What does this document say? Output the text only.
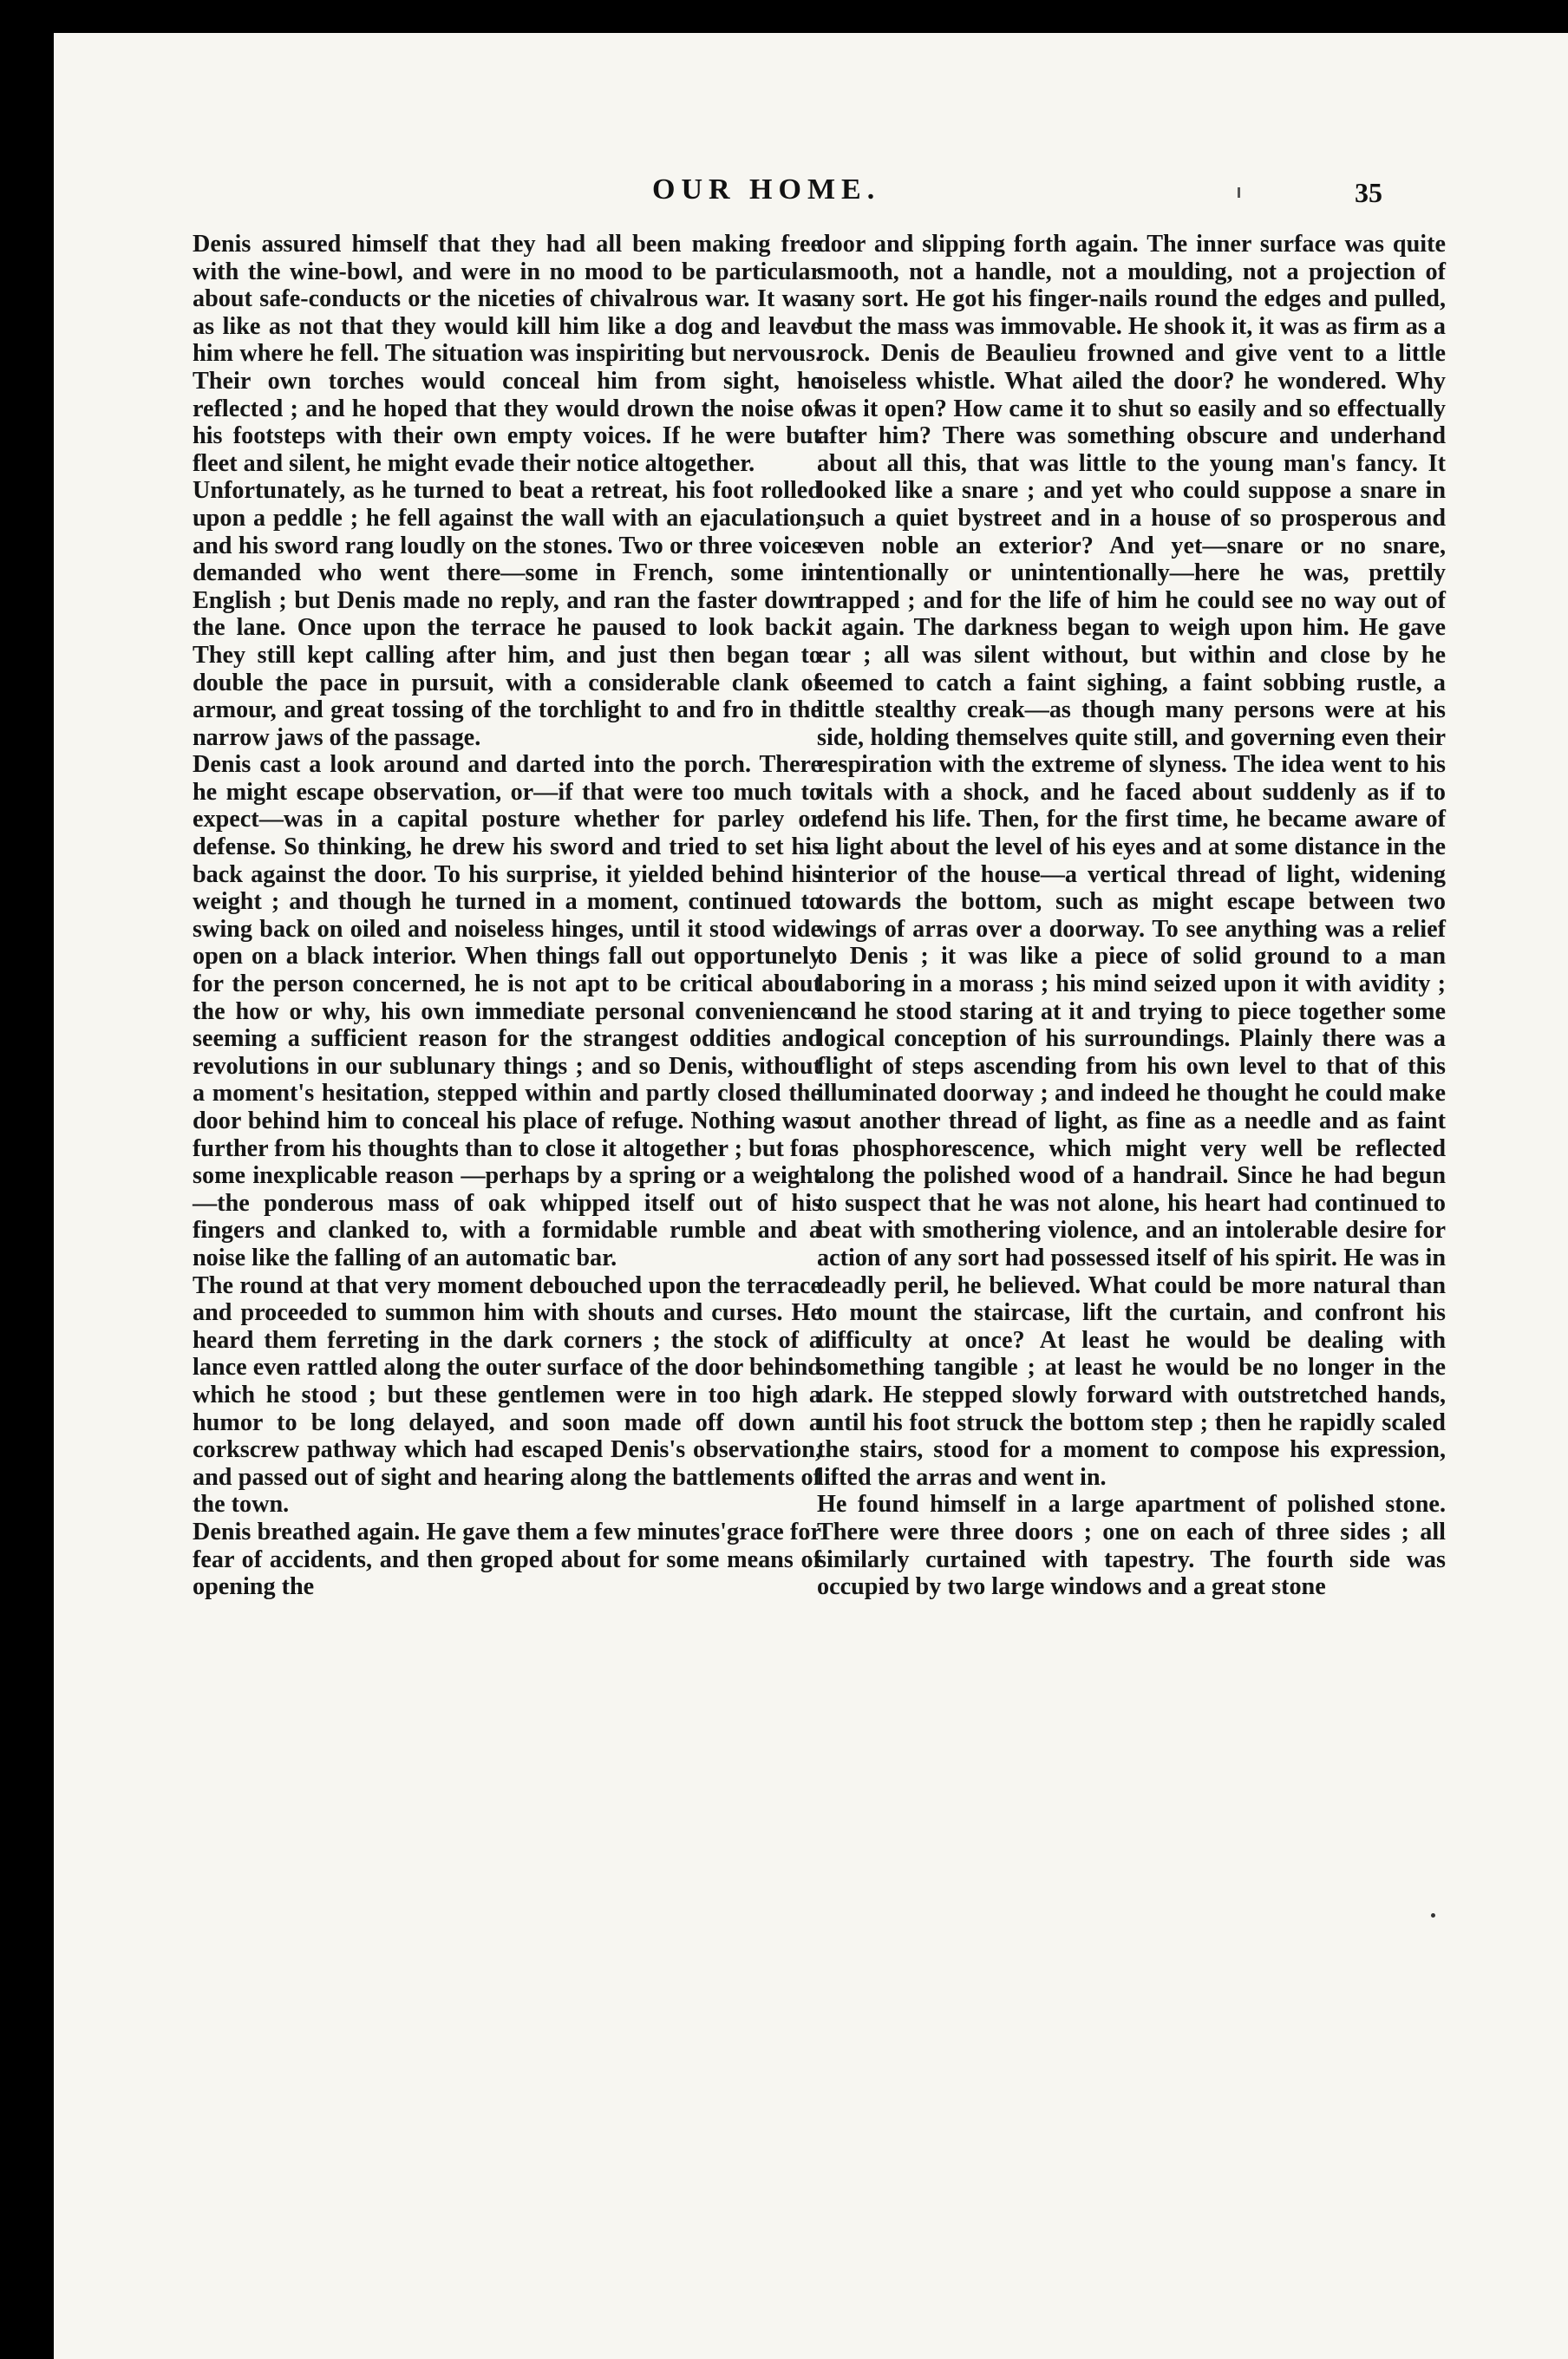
OUR HOME.	35

Denis assured himself that they had all been making free with the wine-bowl, and were in no mood to be particular about safe-conducts or the niceties of chivalrous war. It was as like as not that they would kill him like a dog and leave him where he fell. The situation was inspiriting but nervous. Their own torches would conceal him from sight, he reflected ; and he hoped that they would drown the noise of his footsteps with their own empty voices. If he were but fleet and silent, he might evade their notice altogether.

Unfortunately, as he turned to beat a retreat, his foot rolled upon a peddle ; he fell against the wall with an ejaculation, and his sword rang loudly on the stones. Two or three voices demanded who went there—some in French, some in English ; but Denis made no reply, and ran the faster down the lane. Once upon the terrace he paused to look back. They still kept calling after him, and just then began to double the pace in pursuit, with a considerable clank of armour, and great tossing of the torchlight to and fro in the narrow jaws of the passage.

Denis cast a look around and darted into the porch. There he might escape observation, or—if that were too much to expect—was in a capital posture whether for parley or defense. So thinking, he drew his sword and tried to set his back against the door. To his surprise, it yielded behind his weight ; and though he turned in a moment, continued to swing back on oiled and noiseless hinges, until it stood wide open on a black interior. When things fall out opportunely for the person concerned, he is not apt to be critical about the how or why, his own immediate personal convenience seeming a sufficient reason for the strangest oddities and revolutions in our sublunary things ; and so Denis, without a moment's hesitation, stepped within and partly closed the door behind him to conceal his place of refuge. Nothing was further from his thoughts than to close it altogether ; but for some inexplicable reason —perhaps by a spring or a weight—the ponderous mass of oak whipped itself out of his fingers and clanked to, with a formidable rumble and a noise like the falling of an automatic bar.

The round at that very moment debouched upon the terrace and proceeded to summon him with shouts and curses. He heard them ferreting in the dark corners ; the stock of a lance even rattled along the outer surface of the door behind which he stood ; but these gentlemen were in too high a humor to be long delayed, and soon made off down a corkscrew pathway which had escaped Denis's observation, and passed out of sight and hearing along the battlements of the town.

Denis breathed again. He gave them a few minutes'grace for fear of accidents, and then groped about for some means of opening the

door and slipping forth again. The inner surface was quite smooth, not a handle, not a moulding, not a projection of any sort. He got his finger-nails round the edges and pulled, but the mass was immovable. He shook it, it was as firm as a rock. Denis de Beaulieu frowned and give vent to a little noiseless whistle. What ailed the door? he wondered. Why was it open? How came it to shut so easily and so effectually after him? There was something obscure and underhand about all this, that was little to the young man's fancy. It looked like a snare ; and yet who could suppose a snare in such a quiet bystreet and in a house of so prosperous and even noble an exterior? And yet—snare or no snare, intentionally or unintentionally—here he was, prettily trapped ; and for the life of him he could see no way out of it again. The darkness began to weigh upon him. He gave ear ; all was silent without, but within and close by he seemed to catch a faint sighing, a faint sobbing rustle, a little stealthy creak—as though many persons were at his side, holding themselves quite still, and governing even their respiration with the extreme of slyness. The idea went to his vitals with a shock, and he faced about suddenly as if to defend his life. Then, for the first time, he became aware of a light about the level of his eyes and at some distance in the interior of the house—a vertical thread of light, widening towards the bottom, such as might escape between two wings of arras over a doorway. To see anything was a relief to Denis ; it was like a piece of solid ground to a man laboring in a morass ; his mind seized upon it with avidity ; and he stood staring at it and trying to piece together some logical conception of his surroundings. Plainly there was a flight of steps ascending from his own level to that of this illuminated doorway ; and indeed he thought he could make out another thread of light, as fine as a needle and as faint as phosphorescence, which might very well be reflected along the polished wood of a handrail. Since he had begun to suspect that he was not alone, his heart had continued to beat with smothering violence, and an intolerable desire for action of any sort had possessed itself of his spirit. He was in deadly peril, he believed. What could be more natural than to mount the staircase, lift the curtain, and confront his difficulty at once? At least he would be dealing with something tangible ; at least he would be no longer in the dark. He stepped slowly forward with outstretched hands, until his foot struck the bottom step ; then he rapidly scaled the stairs, stood for a moment to compose his expression, lifted the arras and went in.

He found himself in a large apartment of polished stone. There were three doors ; one on each of three sides ; all similarly curtained with tapestry. The fourth side was occupied by two large windows and a great stone
